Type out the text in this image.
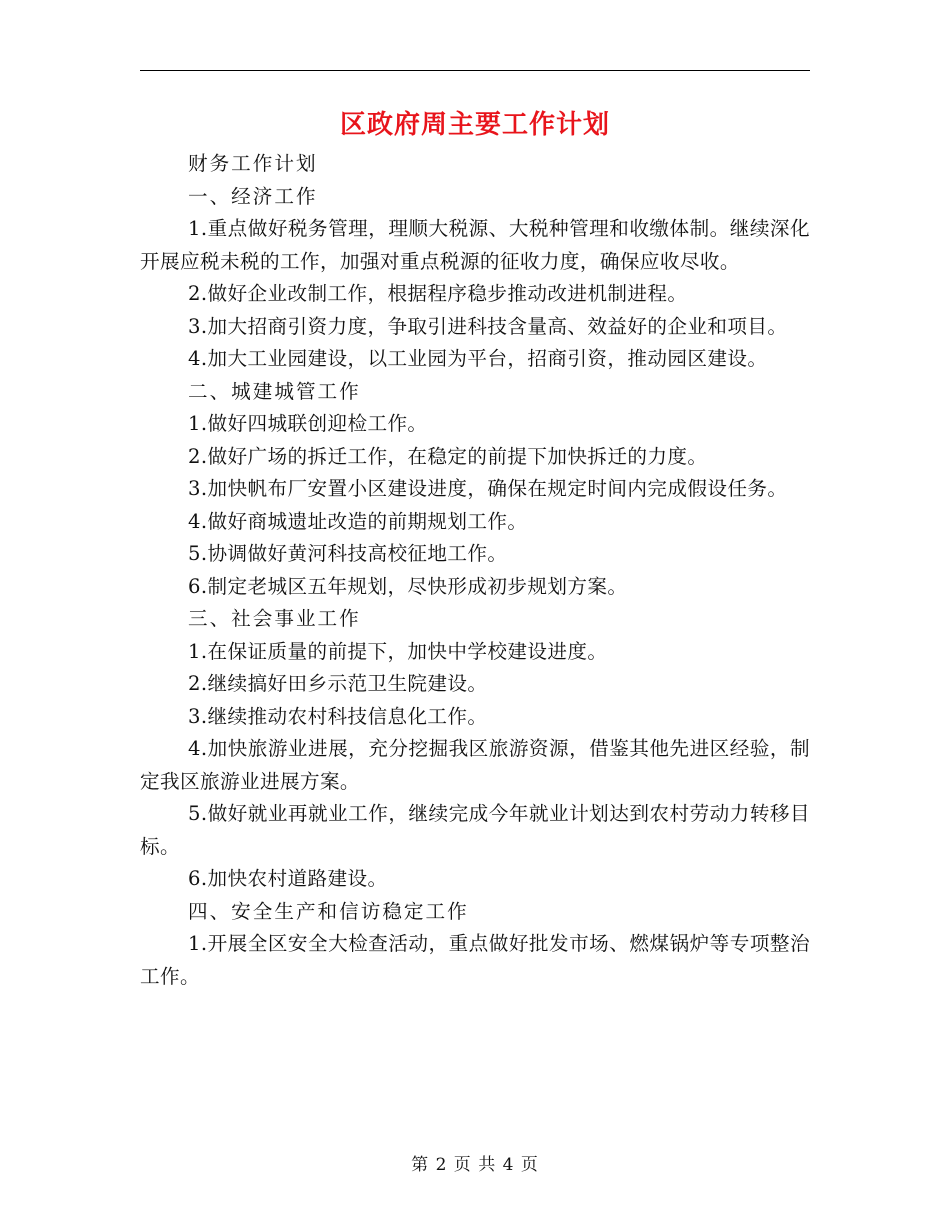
区政府周主要工作计划

财务工作计划

一、经济工作

1.重点做好税务管理，理顺大税源、大税种管理和收缴体制。继续深化开展应税未税的工作，加强对重点税源的征收力度，确保应收尽收。

2.做好企业改制工作，根据程序稳步推动改进机制进程。

3.加大招商引资力度，争取引进科技含量高、效益好的企业和项目。

4.加大工业园建设，以工业园为平台，招商引资，推动园区建设。

二、城建城管工作

1.做好四城联创迎检工作。

2.做好广场的拆迁工作，在稳定的前提下加快拆迁的力度。

3.加快帆布厂安置小区建设进度，确保在规定时间内完成假设任务。

4.做好商城遗址改造的前期规划工作。

5.协调做好黄河科技高校征地工作。

6.制定老城区五年规划，尽快形成初步规划方案。

三、社会事业工作

1.在保证质量的前提下，加快中学校建设进度。

2.继续搞好田乡示范卫生院建设。

3.继续推动农村科技信息化工作。

4.加快旅游业进展，充分挖掘我区旅游资源，借鉴其他先进区经验，制定我区旅游业进展方案。

5.做好就业再就业工作，继续完成今年就业计划达到农村劳动力转移目标。

6.加快农村道路建设。

四、安全生产和信访稳定工作

1.开展全区安全大检查活动，重点做好批发市场、燃煤锅炉等专项整治工作。

第 2 页 共 4 页
